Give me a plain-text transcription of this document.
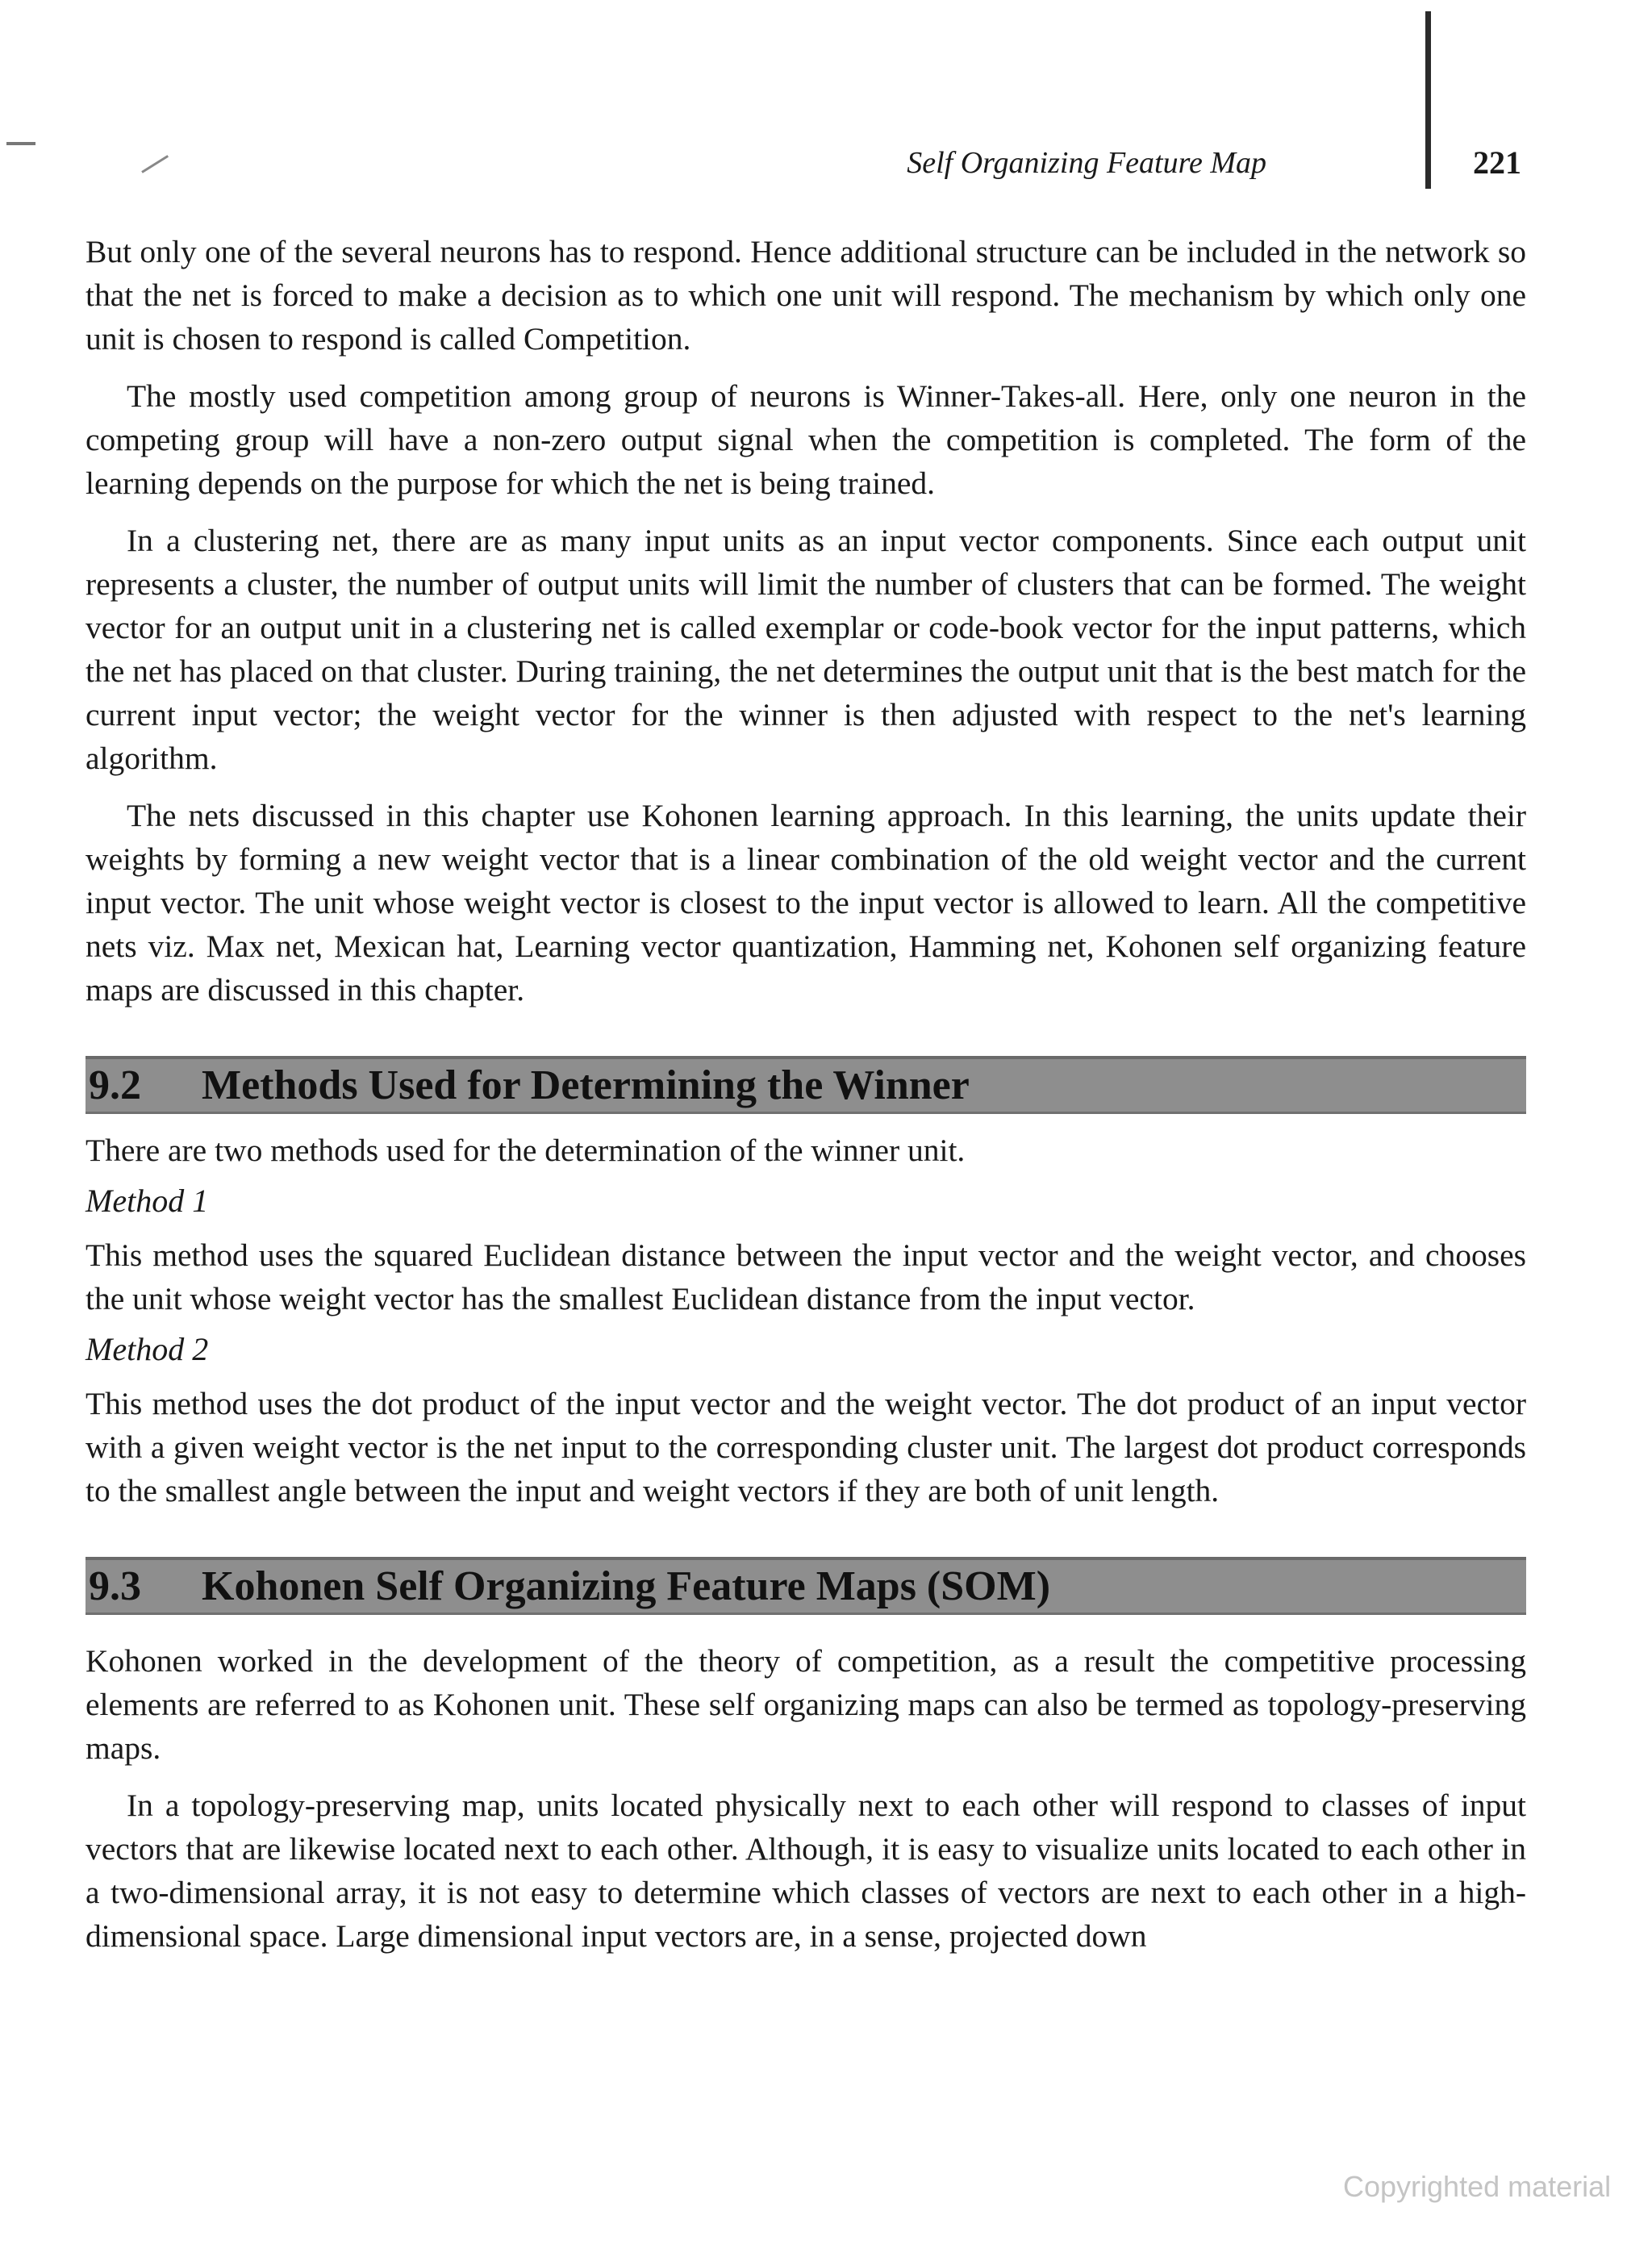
Self Organizing Feature Map	221

But only one of the several neurons has to respond. Hence additional structure can be included in the network so that the net is forced to make a decision as to which one unit will respond. The mechanism by which only one unit is chosen to respond is called Competition.

The mostly used competition among group of neurons is Winner-Takes-all. Here, only one neuron in the competing group will have a non-zero output signal when the competition is completed. The form of the learning depends on the purpose for which the net is being trained.

In a clustering net, there are as many input units as an input vector components. Since each output unit represents a cluster, the number of output units will limit the number of clusters that can be formed. The weight vector for an output unit in a clustering net is called exemplar or code-book vector for the input patterns, which the net has placed on that cluster. During training, the net determines the output unit that is the best match for the current input vector; the weight vector for the winner is then adjusted with respect to the net's learning algorithm.

The nets discussed in this chapter use Kohonen learning approach. In this learning, the units update their weights by forming a new weight vector that is a linear combination of the old weight vector and the current input vector. The unit whose weight vector is closest to the input vector is allowed to learn. All the competitive nets viz. Max net, Mexican hat, Learning vector quantization, Hamming net, Kohonen self organizing feature maps are discussed in this chapter.

9.2	Methods Used for Determining the Winner

There are two methods used for the determination of the winner unit.

Method 1

This method uses the squared Euclidean distance between the input vector and the weight vector, and chooses the unit whose weight vector has the smallest Euclidean distance from the input vector.

Method 2

This method uses the dot product of the input vector and the weight vector. The dot product of an input vector with a given weight vector is the net input to the corresponding cluster unit. The largest dot product corresponds to the smallest angle between the input and weight vectors if they are both of unit length.

9.3	Kohonen Self Organizing Feature Maps (SOM)

Kohonen worked in the development of the theory of competition, as a result the competitive processing elements are referred to as Kohonen unit. These self organizing maps can also be termed as topology-preserving maps.

In a topology-preserving map, units located physically next to each other will respond to classes of input vectors that are likewise located next to each other. Although, it is easy to visualize units located to each other in a two-dimensional array, it is not easy to determine which classes of vectors are next to each other in a high-dimensional space. Large dimensional input vectors are, in a sense, projected down

Copyrighted material
